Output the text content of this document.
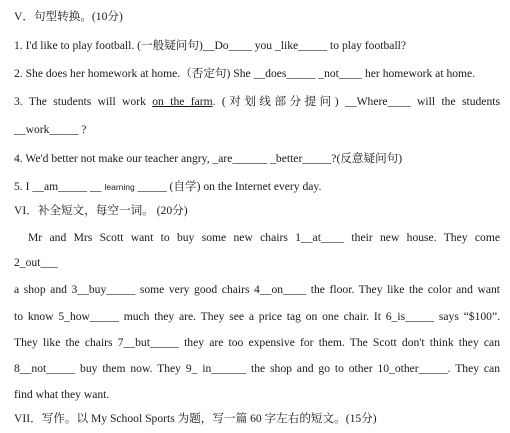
V．句型转换。(10分)
1. I'd like to play football. (一般疑问句)__Do____ you _like_____ to play football?
2. She does her homework at home.（否定句) She __does_____ _not____ her homework at home.
3. The students will work on the farm. (对划线部分提问) __Where____ will the students
__work_____ ?
4. We'd better not make our teacher angry, _are______ _better_____?(反意疑问句)
5. I __am_____ __ learning _____ (自学) on the Internet every day.
VI．补全短文，每空一词。 (20分)
Mr and Mrs Scott want to buy some new chairs 1__at____ their new house. They come
2_out___
a shop and 3__buy_____ some very good chairs 4__on____ the floor. They like the color and want
to know 5_how_____ much they are. They see a price tag on one chair. It 6_is_____ says “$100”.
They like the chairs 7__but_____ they are too expensive for them. The Scott don't think they can
8__not_____ buy them now. They 9_ in______ the shop and go to other 10_other_____. They can
find what they want.
VII．写作。以 My School Sports 为题，写一篇 60 字左右的短文。(15分)
